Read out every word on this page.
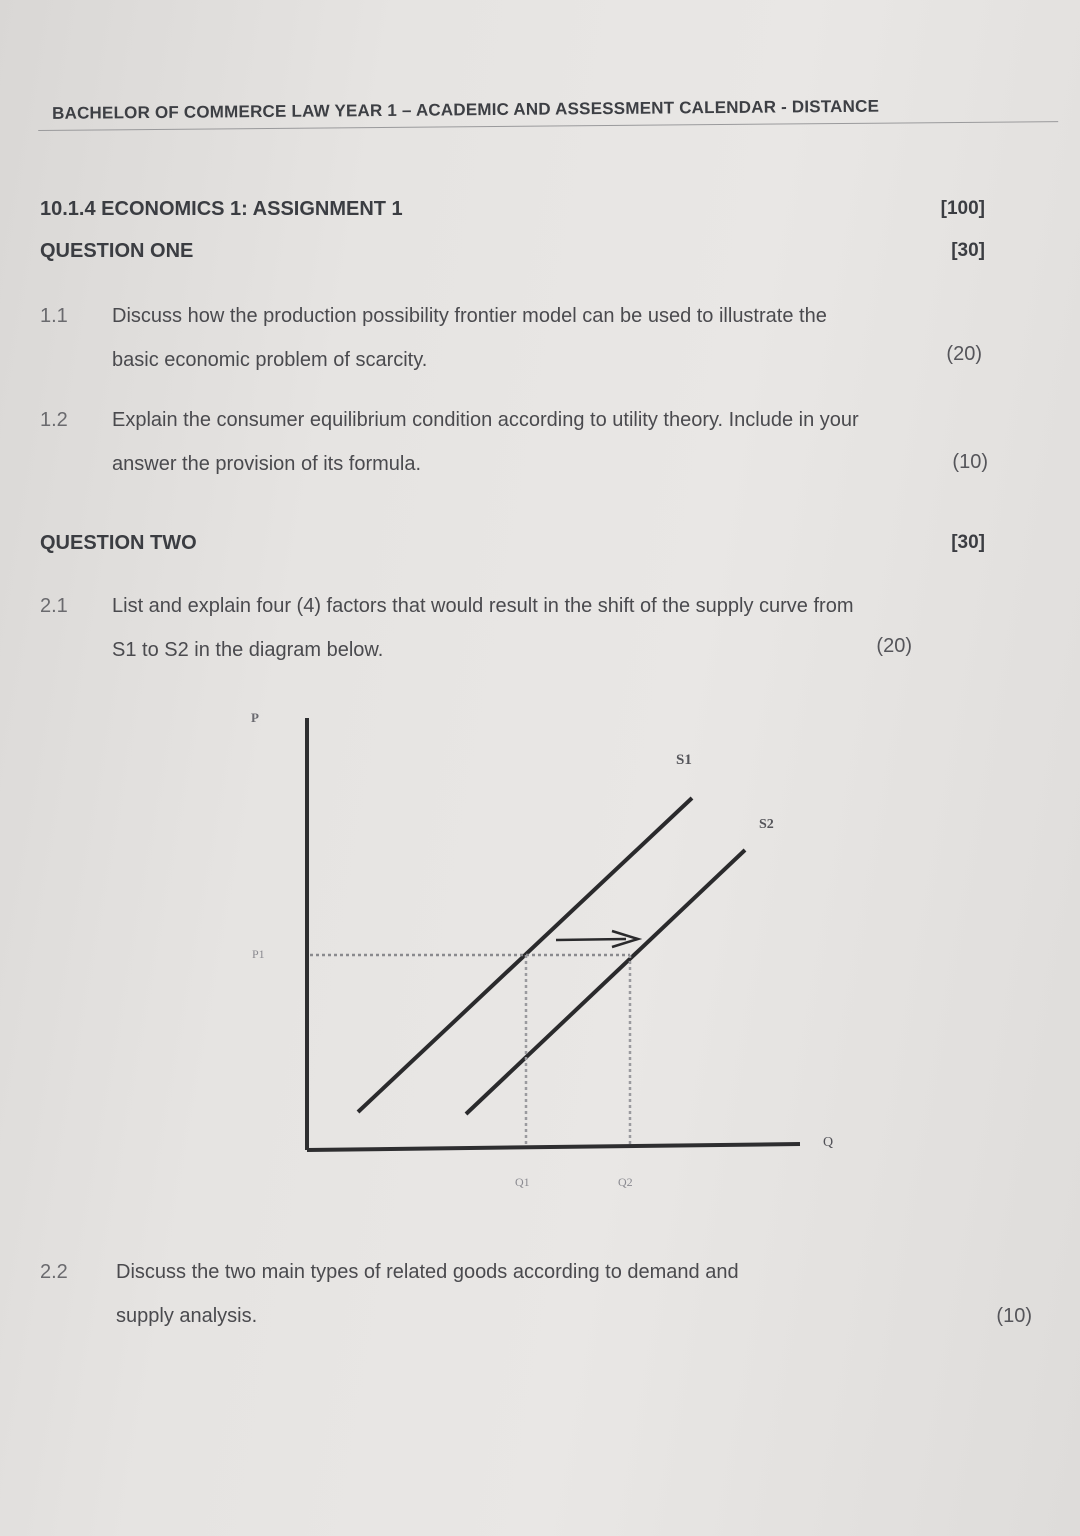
BACHELOR OF COMMERCE LAW YEAR 1 – ACADEMIC AND ASSESSMENT CALENDAR - DISTANCE
10.1.4 ECONOMICS 1: ASSIGNMENT 1	[100]
QUESTION ONE	[30]
1.1	Discuss how the production possibility frontier model can be used to illustrate the
basic economic problem of scarcity.	(20)
1.2	Explain the consumer equilibrium condition according to utility theory. Include in your
answer the provision of its formula.	(10)
QUESTION TWO	[30]
2.1	List and explain four (4) factors that would result in the shift of the supply curve from
S1 to S2 in the diagram below.	(20)
P
Q
P1
Q1	Q2
S1
S2
2.2	Discuss the two main types of related goods according to demand and
supply analysis.	(10)
